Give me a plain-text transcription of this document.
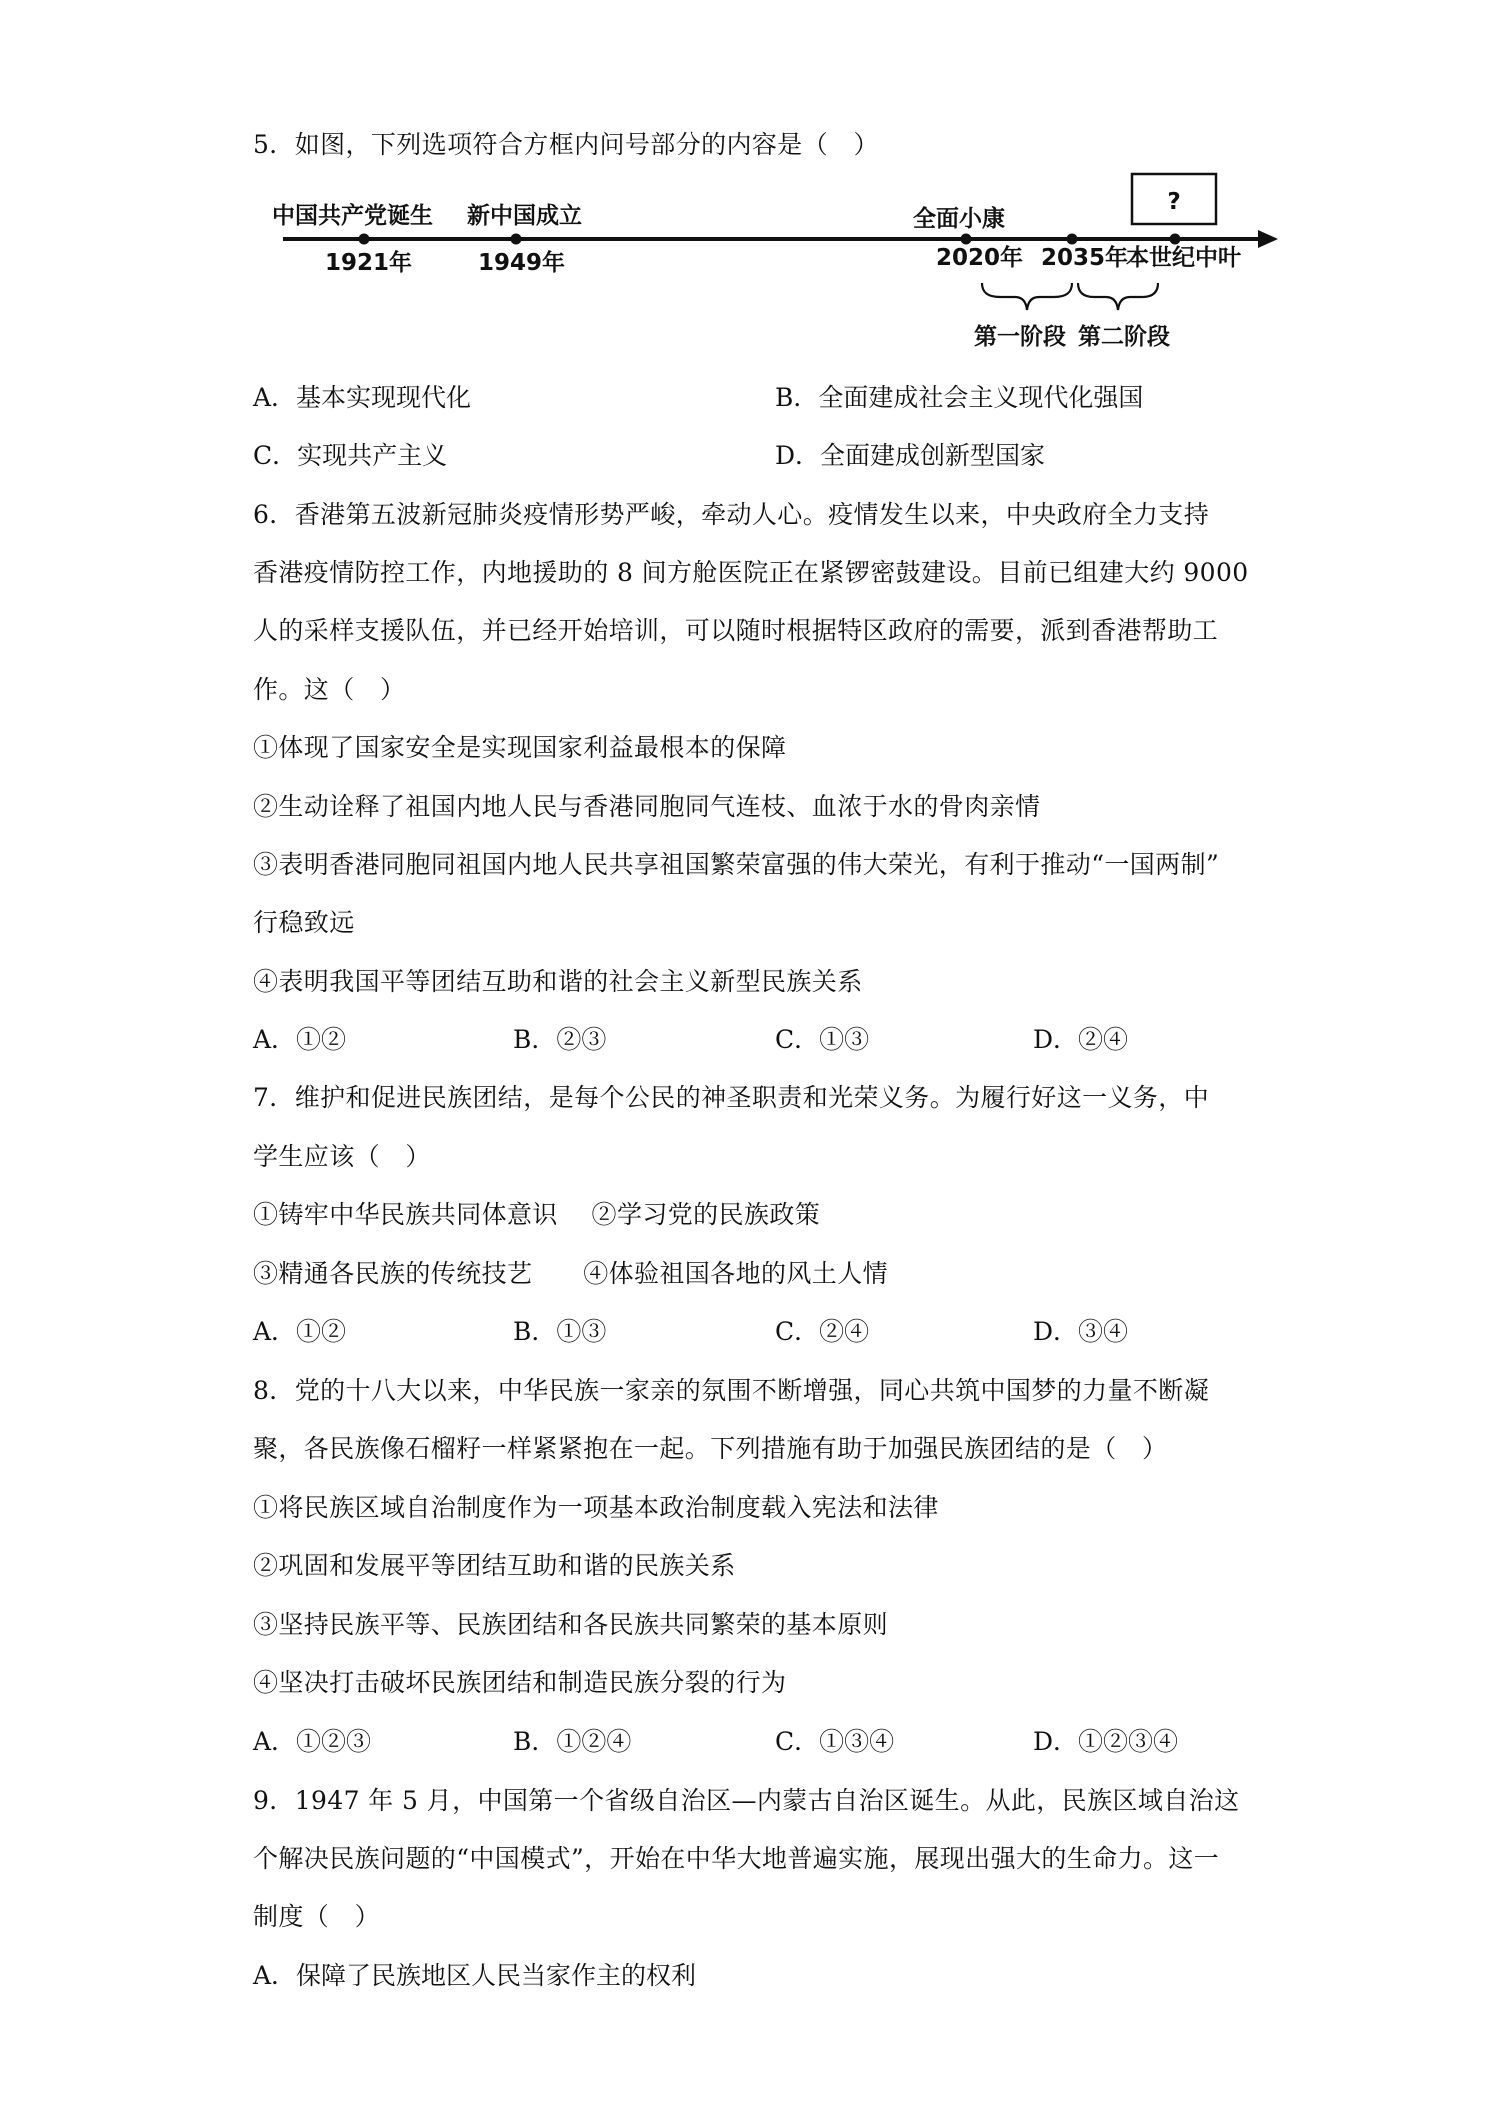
5．如图，下列选项符合方框内问号部分的内容是（　）
中国共产党诞生 新中国成立	全面小康
?
1921年	1949年	2020年 2035年
本世纪中叶
第一阶段 第二阶段
A．基本实现现代化	B．全面建成社会主义现代化强国
C．实现共产主义	D．全面建成创新型国家
6．香港第五波新冠肺炎疫情形势严峻，牵动人心。疫情发生以来，中央政府全力支持
香港疫情防控工作，内地援助的 8 间方舱医院正在紧锣密鼓建设。目前已组建大约 9000
人的采样支援队伍，并已经开始培训，可以随时根据特区政府的需要，派到香港帮助工
作。这（　）
①体现了国家安全是实现国家利益最根本的保障
②生动诠释了祖国内地人民与香港同胞同气连枝、血浓于水的骨肉亲情
③表明香港同胞同祖国内地人民共享祖国繁荣富强的伟大荣光，有利于推动“一国两制”
行稳致远
④表明我国平等团结互助和谐的社会主义新型民族关系
A．①②	B．②③	C．①③	D．②④
7．维护和促进民族团结，是每个公民的神圣职责和光荣义务。为履行好这一义务，中
学生应该（　）
①铸牢中华民族共同体意识　 ②学习党的民族政策
③精通各民族的传统技艺　　④体验祖国各地的风土人情
A．①②	B．①③	C．②④	D．③④
8．党的十八大以来，中华民族一家亲的氛围不断增强，同心共筑中国梦的力量不断凝
聚，各民族像石榴籽一样紧紧抱在一起。下列措施有助于加强民族团结的是（　）
①将民族区域自治制度作为一项基本政治制度载入宪法和法律
②巩固和发展平等团结互助和谐的民族关系
③坚持民族平等、民族团结和各民族共同繁荣的基本原则
④坚决打击破坏民族团结和制造民族分裂的行为
A．①②③	B．①②④	C．①③④	D．①②③④
9．1947 年 5 月，中国第一个省级自治区—内蒙古自治区诞生。从此，民族区域自治这
个解决民族问题的“中国模式”，开始在中华大地普遍实施，展现出强大的生命力。这一
制度（　）
A．保障了民族地区人民当家作主的权利
